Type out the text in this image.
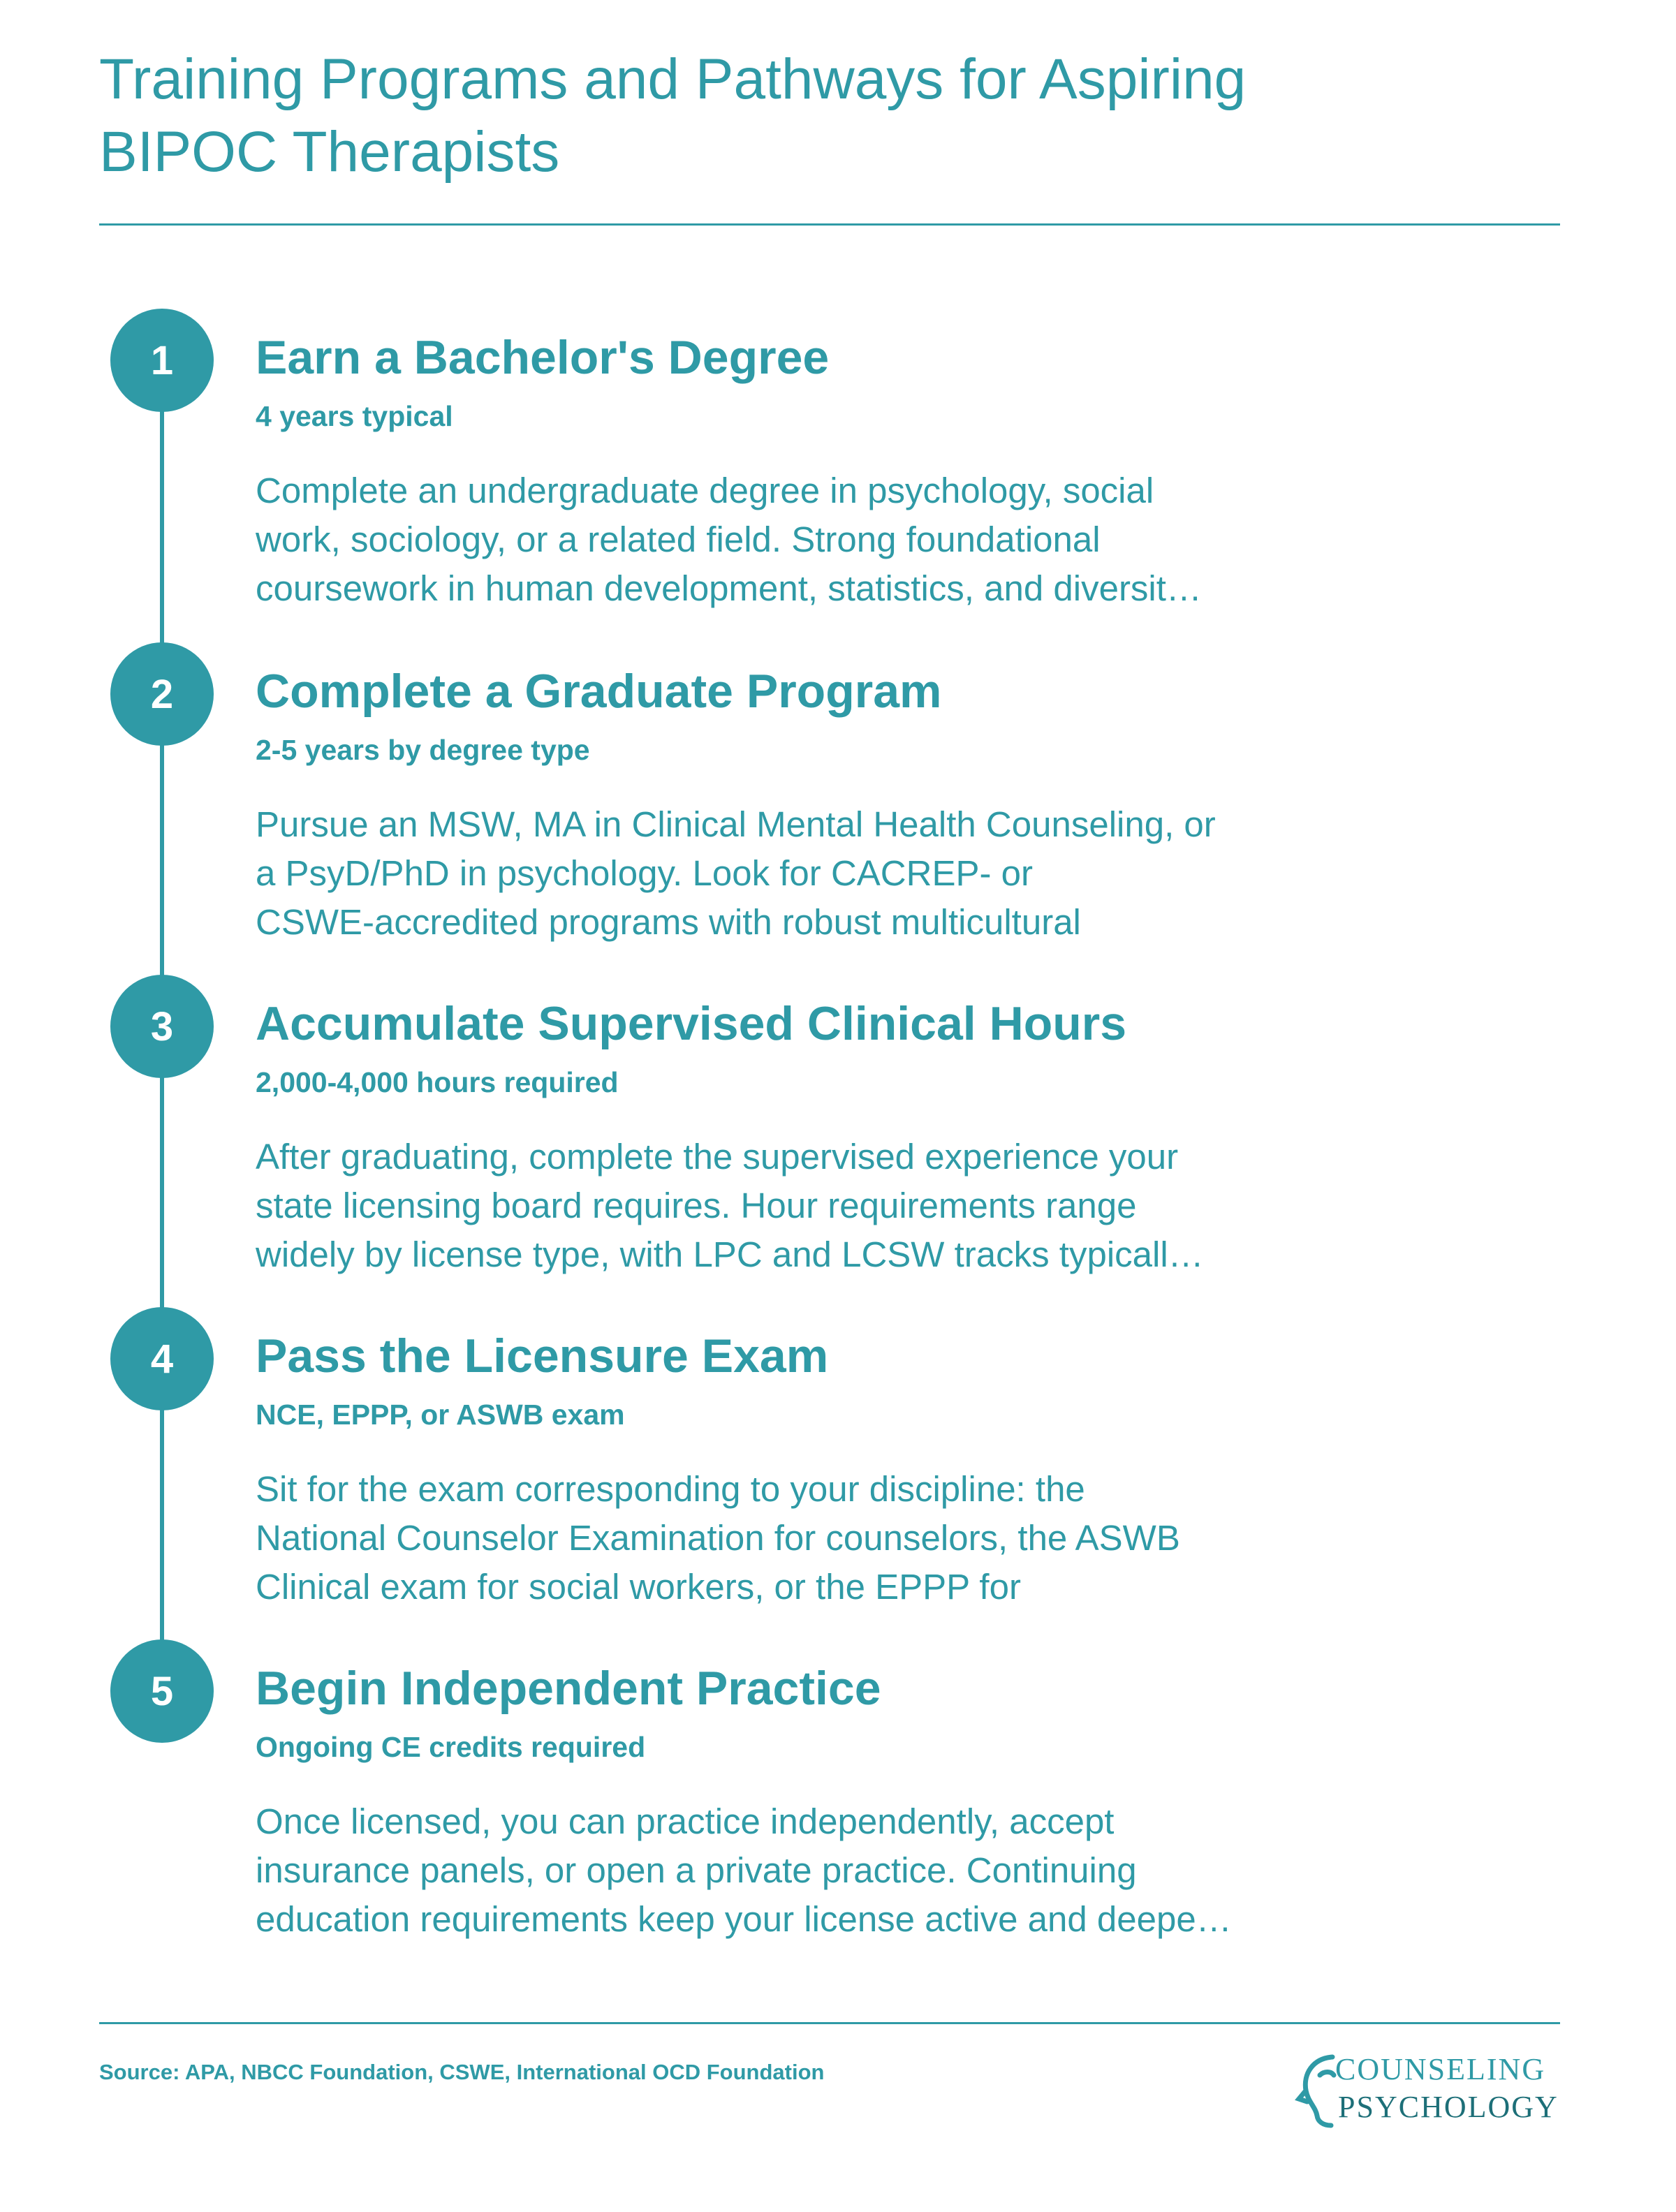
Training Programs and Pathways for Aspiring
BIPOC Therapists
1	Earn a Bachelor's Degree
4 years typical
Complete an undergraduate degree in psychology, social
work, sociology, or a related field. Strong foundational
coursework in human development, statistics, and diversit…
2	Complete a Graduate Program
2-5 years by degree type
Pursue an MSW, MA in Clinical Mental Health Counseling, or
a PsyD/PhD in psychology. Look for CACREP- or
CSWE-accredited programs with robust multicultural
3	Accumulate Supervised Clinical Hours
2,000-4,000 hours required
After graduating, complete the supervised experience your
state licensing board requires. Hour requirements range
widely by license type, with LPC and LCSW tracks typicall…
4	Pass the Licensure Exam
NCE, EPPP, or ASWB exam
Sit for the exam corresponding to your discipline: the
National Counselor Examination for counselors, the ASWB
Clinical exam for social workers, or the EPPP for
5	Begin Independent Practice
Ongoing CE credits required
Once licensed, you can practice independently, accept
insurance panels, or open a private practice. Continuing
education requirements keep your license active and deepe…
Source: APA, NBCC Foundation, CSWE, International OCD Foundation	COUNSELING
PSYCHOLOGY
